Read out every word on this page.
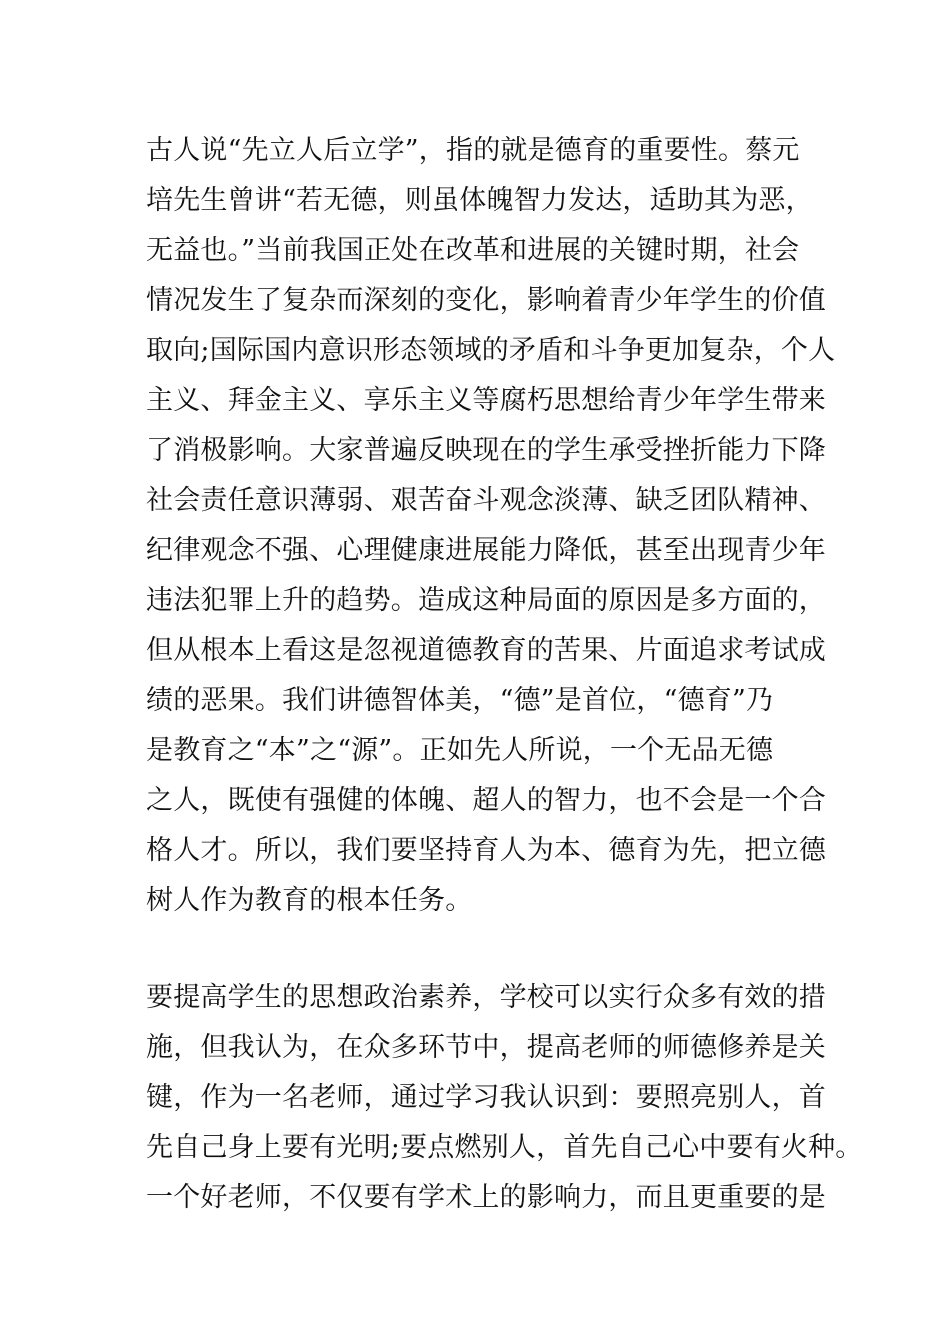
古人说“先立人后立学”，指的就是德育的重要性。蔡元
培先生曾讲“若无德，则虽体魄智力发达，适助其为恶，
无益也。”当前我国正处在改革和进展的关键时期，社会
情况发生了复杂而深刻的变化，影响着青少年学生的价值
取向;国际国内意识形态领域的矛盾和斗争更加复杂，个人
主义、拜金主义、享乐主义等腐朽思想给青少年学生带来
了消极影响。大家普遍反映现在的学生承受挫折能力下降
社会责任意识薄弱、艰苦奋斗观念淡薄、缺乏团队精神、
纪律观念不强、心理健康进展能力降低，甚至出现青少年
违法犯罪上升的趋势。造成这种局面的原因是多方面的，
但从根本上看这是忽视道德教育的苦果、片面追求考试成
绩的恶果。我们讲德智体美，“德”是首位，“德育”乃
是教育之“本”之“源”。正如先人所说，一个无品无德
之人，既使有强健的体魄、超人的智力，也不会是一个合
格人才。所以，我们要坚持育人为本、德育为先，把立德
树人作为教育的根本任务。
要提高学生的思想政治素养，学校可以实行众多有效的措
施，但我认为，在众多环节中，提高老师的师德修养是关
键，作为一名老师，通过学习我认识到：要照亮别人，首
先自己身上要有光明;要点燃别人，首先自己心中要有火种。
一个好老师，不仅要有学术上的影响力，而且更重要的是
